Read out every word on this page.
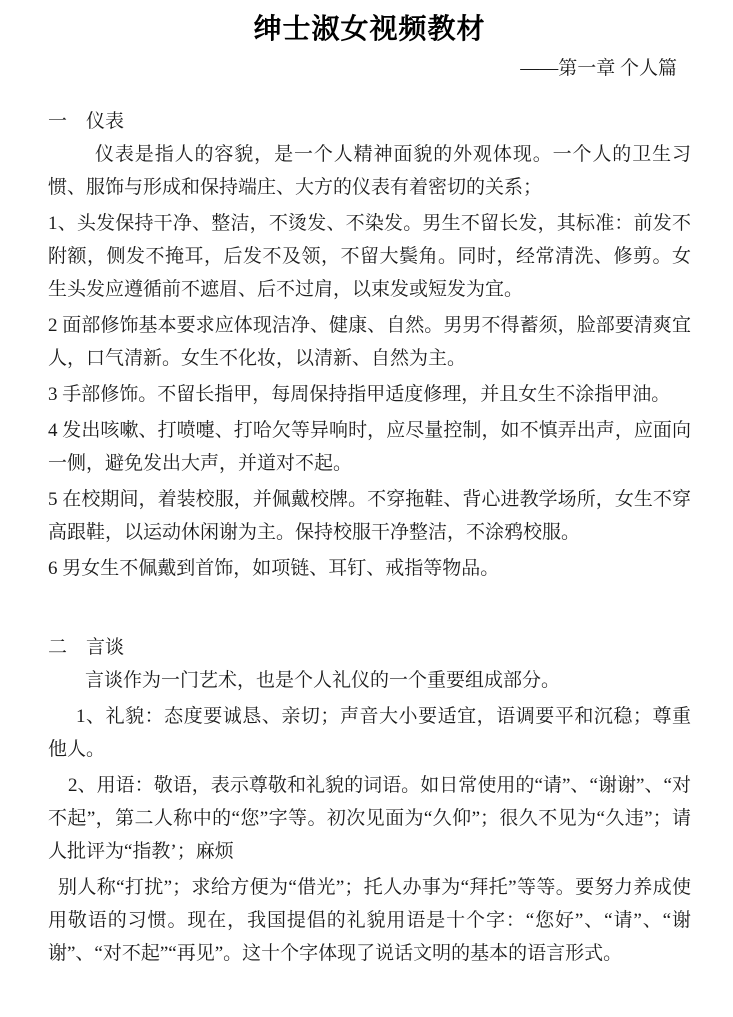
绅士淑女视频教材
——第一章 个人篇
一　仪表

仪表是指人的容貌，是一个人精神面貌的外观体现。一个人的卫生习惯、服饰与形成和保持端庄、大方的仪表有着密切的关系；

1、头发保持干净、整洁，不烫发、不染发。男生不留长发，其标准：前发不附额，侧发不掩耳，后发不及领，不留大鬓角。同时，经常清洗、修剪。女生头发应遵循前不遮眉、后不过肩，以束发或短发为宜。

2 面部修饰基本要求应体现洁净、健康、自然。男男不得蓄须，脸部要清爽宜人，口气清新。女生不化妆，以清新、自然为主。

3 手部修饰。不留长指甲，每周保持指甲适度修理，并且女生不涂指甲油。

4 发出咳嗽、打喷嚏、打哈欠等异响时，应尽量控制，如不慎弄出声，应面向一侧，避免发出大声，并道对不起。

5 在校期间，着装校服，并佩戴校牌。不穿拖鞋、背心进教学场所，女生不穿高跟鞋，以运动休闲谢为主。保持校服干净整洁，不涂鸦校服。

6 男女生不佩戴到首饰，如项链、耳钉、戒指等物品。

二　言谈

言谈作为一门艺术，也是个人礼仪的一个重要组成部分。

1、礼貌：态度要诚恳、亲切；声音大小要适宜，语调要平和沉稳；尊重他人。

2、用语：敬语，表示尊敬和礼貌的词语。如日常使用的“请”、“谢谢”、“对不起”，第二人称中的“您”字等。初次见面为“久仰”；很久不见为“久违”；请人批评为“指教’；麻烦

别人称“打扰”；求给方便为“借光”；托人办事为“拜托”等等。要努力养成使用敬语的习惯。现在，我国提倡的礼貌用语是十个字：“您好”、“请”、“谢谢”、“对不起”“再见”。这十个字体现了说话文明的基本的语言形式。
